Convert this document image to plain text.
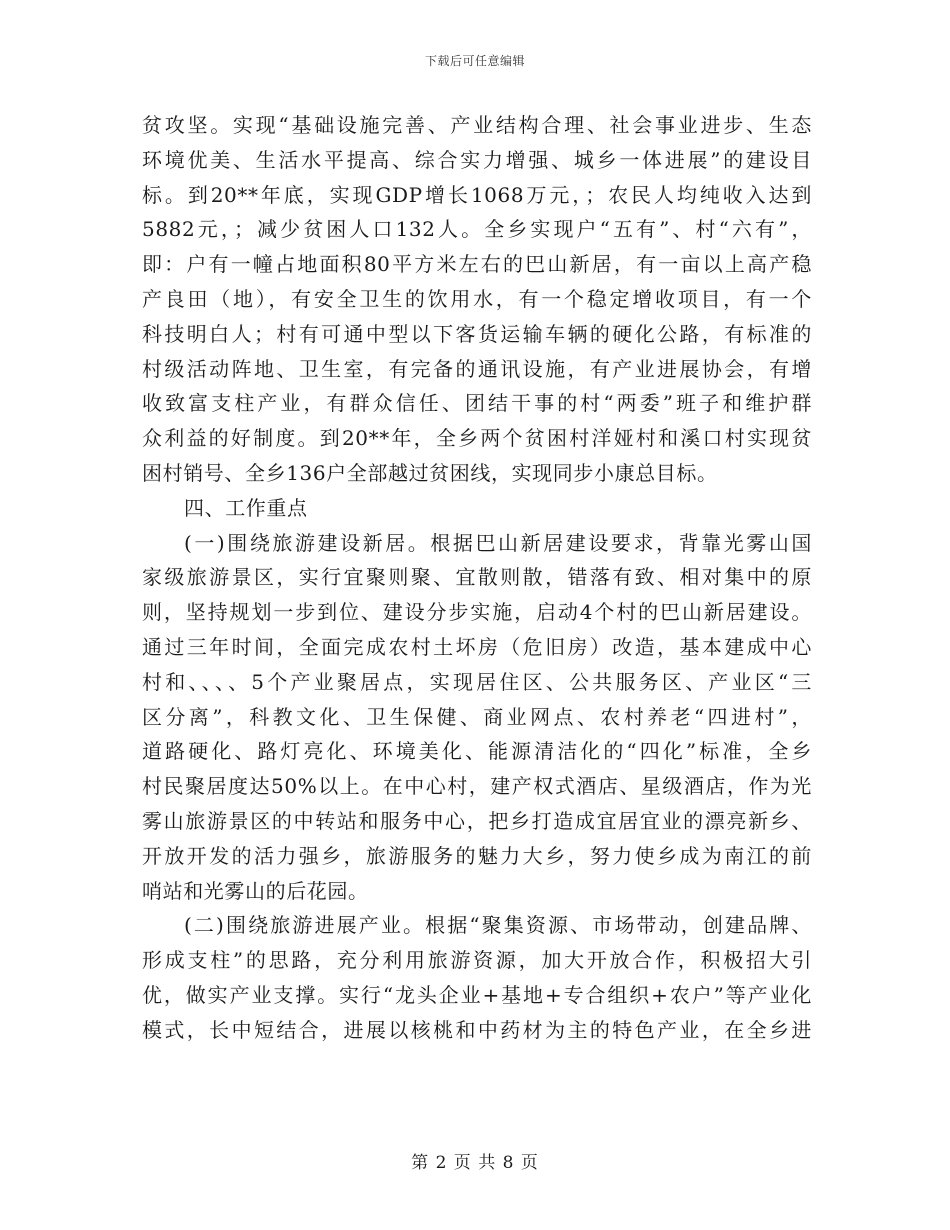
下载后可任意编辑
贫攻坚。实现“基础设施完善、产业结构合理、社会事业进步、生态
环境优美、生活水平提高、综合实力增强、城乡一体进展”的建设目
标。到20**年底，实现GDP增长1068万元，；农民人均纯收入达到
5882元，；减少贫困人口132人。全乡实现户“五有”、村“六有”，
即：户有一幢占地面积80平方米左右的巴山新居，有一亩以上高产稳
产良田（地），有安全卫生的饮用水，有一个稳定增收项目，有一个
科技明白人；村有可通中型以下客货运输车辆的硬化公路，有标准的
村级活动阵地、卫生室，有完备的通讯设施，有产业进展协会，有增
收致富支柱产业，有群众信任、团结干事的村“两委”班子和维护群
众利益的好制度。到20**年，全乡两个贫困村洋娅村和溪口村实现贫
困村销号、全乡136户全部越过贫困线，实现同步小康总目标。
四、工作重点
(一)围绕旅游建设新居。根据巴山新居建设要求，背靠光雾山国
家级旅游景区，实行宜聚则聚、宜散则散，错落有致、相对集中的原
则，坚持规划一步到位、建设分步实施，启动4个村的巴山新居建设。
通过三年时间，全面完成农村土坏房（危旧房）改造，基本建成中心
村和、、、、5个产业聚居点，实现居住区、公共服务区、产业区“三
区分离”，科教文化、卫生保健、商业网点、农村养老“四进村”，
道路硬化、路灯亮化、环境美化、能源清洁化的“四化”标准，全乡
村民聚居度达50%以上。在中心村，建产权式酒店、星级酒店，作为光
雾山旅游景区的中转站和服务中心，把乡打造成宜居宜业的漂亮新乡、
开放开发的活力强乡，旅游服务的魅力大乡，努力使乡成为南江的前
哨站和光雾山的后花园。
(二)围绕旅游进展产业。根据“聚集资源、市场带动，创建品牌、
形成支柱”的思路，充分利用旅游资源，加大开放合作，积极招大引
优，做实产业支撑。实行“龙头企业+基地+专合组织+农户”等产业化
模式，长中短结合，进展以核桃和中药材为主的特色产业，在全乡进
第 2 页 共 8 页
